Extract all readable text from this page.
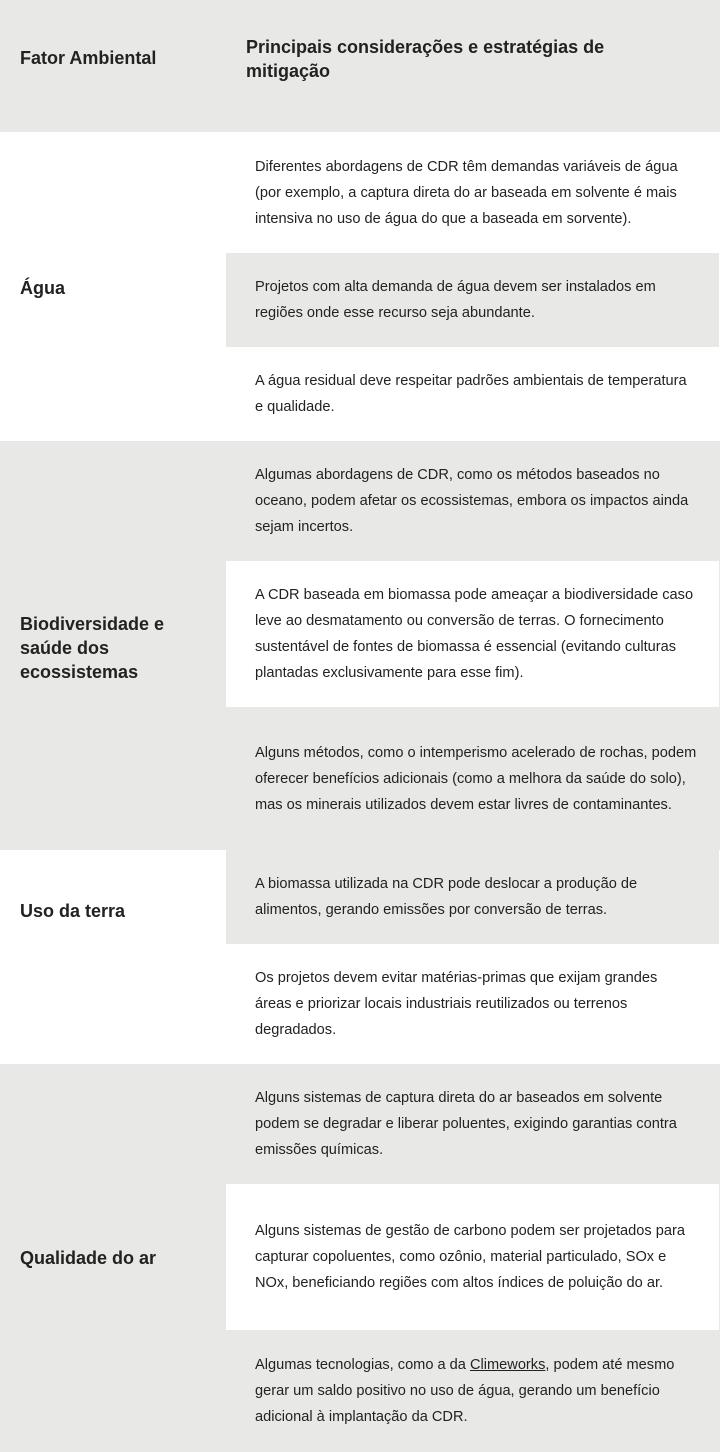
Fator Ambiental
Principais considerações e estratégias de mitigação
Água
Diferentes abordagens de CDR têm demandas variáveis de água (por exemplo, a captura direta do ar baseada em solvente é mais intensiva no uso de água do que a baseada em sorvente).
Projetos com alta demanda de água devem ser instalados em regiões onde esse recurso seja abundante.
A água residual deve respeitar padrões ambientais de temperatura e qualidade.
Biodiversidade e saúde dos ecossistemas
Algumas abordagens de CDR, como os métodos baseados no oceano, podem afetar os ecossistemas, embora os impactos ainda sejam incertos.
A CDR baseada em biomassa pode ameaçar a biodiversidade caso leve ao desmatamento ou conversão de terras. O fornecimento sustentável de fontes de biomassa é essencial (evitando culturas plantadas exclusivamente para esse fim).
Alguns métodos, como o intemperismo acelerado de rochas, podem oferecer benefícios adicionais (como a melhora da saúde do solo), mas os minerais utilizados devem estar livres de contaminantes.
Uso da terra
A biomassa utilizada na CDR pode deslocar a produção de alimentos, gerando emissões por conversão de terras.
Os projetos devem evitar matérias-primas que exijam grandes áreas e priorizar locais industriais reutilizados ou terrenos degradados.
Qualidade do ar
Alguns sistemas de captura direta do ar baseados em solvente podem se degradar e liberar poluentes, exigindo garantias contra emissões químicas.
Alguns sistemas de gestão de carbono podem ser projetados para capturar copoluentes, como ozônio, material particulado, SOx e NOx, beneficiando regiões com altos índices de poluição do ar.
Algumas tecnologias, como a da Climeworks, podem até mesmo gerar um saldo positivo no uso de água, gerando um benefício adicional à implantação da CDR.
